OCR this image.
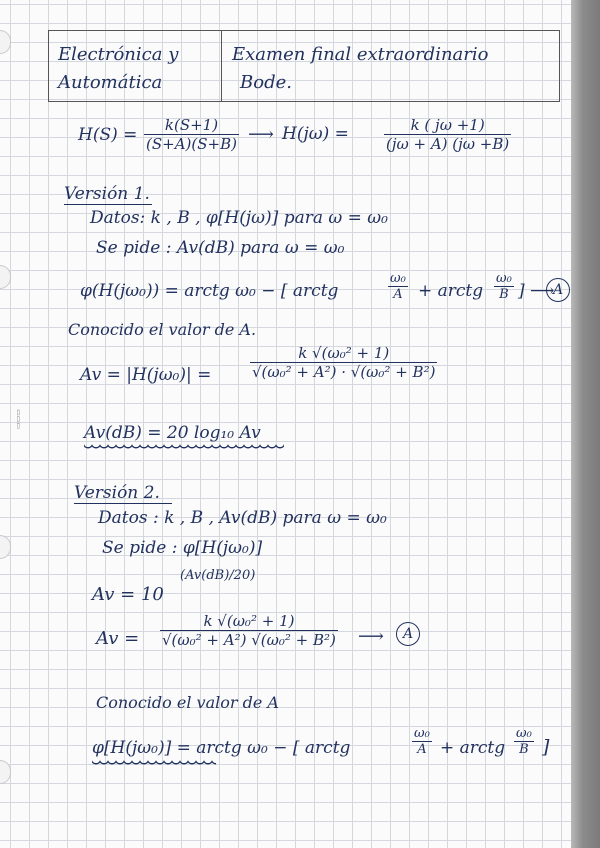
▭▭▭
Electrónica y
Automática
Examen final extraordinario
Bode.
H(S) = k(S+1)
(S+A)(S+B) ⟶ H(jω) =	k ( jω +1)
(jω + A) (jω +B)
Versión 1.
Datos: k , B , φ[H(jω)] para ω = ω₀
Se pide : Av(dB) para ω = ω₀
φ(H(jω₀)) = arctg ω₀ − [ arctg
ω₀
A + arctg
ω₀
B ] ⟶
A
Conocido el valor de A.
Av = |H(jω₀)| =
k √(ω₀² + 1)
√(ω₀² + A²) · √(ω₀² + B²)
Av(dB) = 20 log₁₀ Av
Versión 2.
Datos : k , B , Av(dB) para ω = ω₀
Se pide : φ[H(jω₀)]
Av = 10
(Av(dB)/20)
Av =
k √(ω₀² + 1)
√(ω₀² + A²) √(ω₀² + B²) ⟶	A
Conocido el valor de A
φ[H(jω₀)] = arctg ω₀ − [ arctg
ω₀
A + arctg
ω₀
B ]
